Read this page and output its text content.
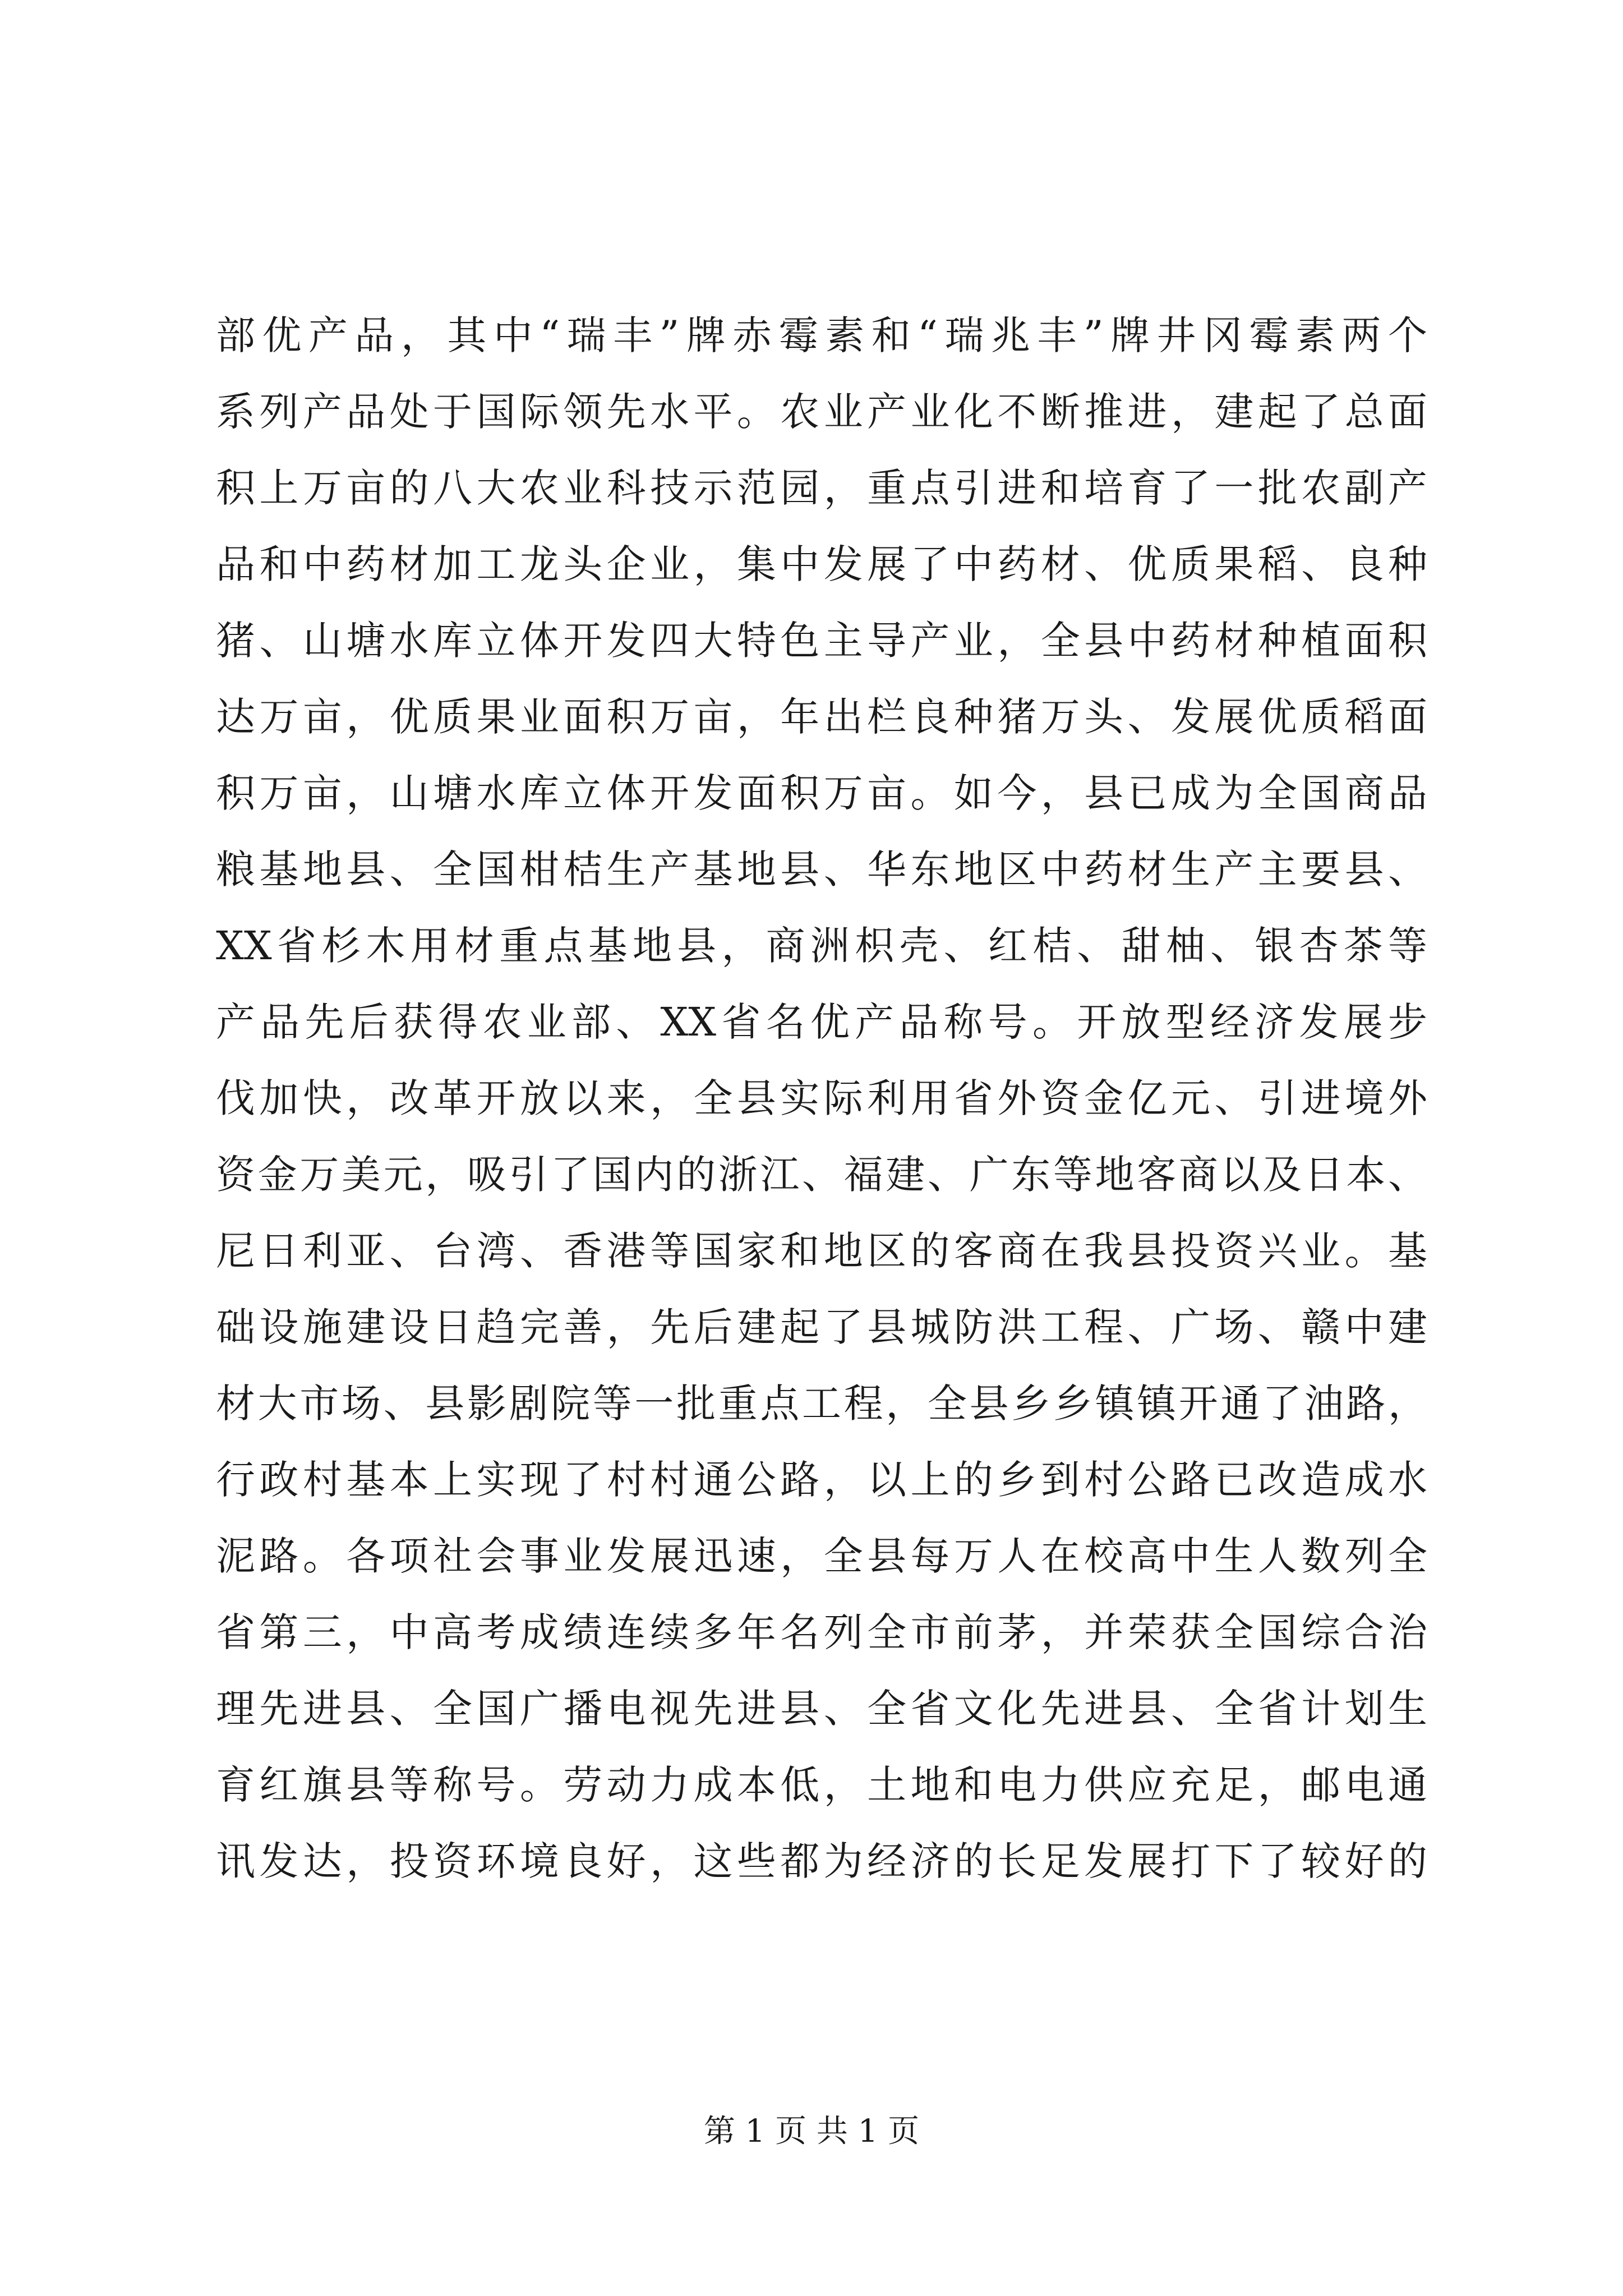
部优产品，其中“瑞丰”牌赤霉素和“瑞兆丰”牌井冈霉素两个
系列产品处于国际领先水平。农业产业化不断推进，建起了总面
积上万亩的八大农业科技示范园，重点引进和培育了一批农副产
品和中药材加工龙头企业，集中发展了中药材、优质果稻、良种
猪、山塘水库立体开发四大特色主导产业，全县中药材种植面积
达万亩，优质果业面积万亩，年出栏良种猪万头、发展优质稻面
积万亩，山塘水库立体开发面积万亩。如今，县已成为全国商品
粮基地县、全国柑桔生产基地县、华东地区中药材生产主要县、
XX省杉木用材重点基地县，商洲枳壳、红桔、甜柚、银杏茶等
产品先后获得农业部、XX省名优产品称号。开放型经济发展步
伐加快，改革开放以来，全县实际利用省外资金亿元、引进境外
资金万美元，吸引了国内的浙江、福建、广东等地客商以及日本、
尼日利亚、台湾、香港等国家和地区的客商在我县投资兴业。基
础设施建设日趋完善，先后建起了县城防洪工程、广场、赣中建
材大市场、县影剧院等一批重点工程，全县乡乡镇镇开通了油路，
行政村基本上实现了村村通公路，以上的乡到村公路已改造成水
泥路。各项社会事业发展迅速，全县每万人在校高中生人数列全
省第三，中高考成绩连续多年名列全市前茅，并荣获全国综合治
理先进县、全国广播电视先进县、全省文化先进县、全省计划生
育红旗县等称号。劳动力成本低，土地和电力供应充足，邮电通
讯发达，投资环境良好，这些都为经济的长足发展打下了较好的
第 1 页 共 1 页
